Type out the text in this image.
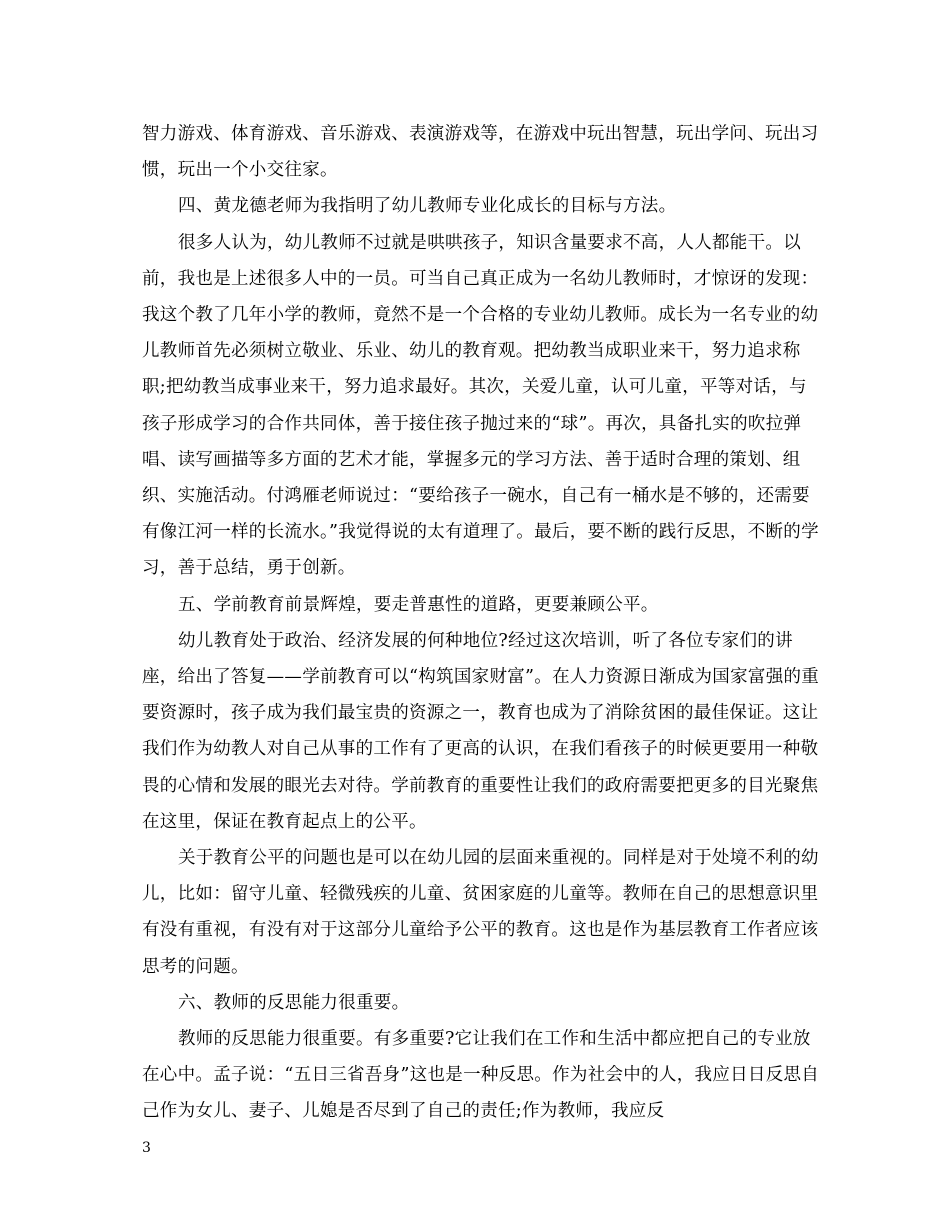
智力游戏、体育游戏、音乐游戏、表演游戏等，在游戏中玩出智慧，玩出学问、玩出习惯，玩出一个小交往家。

四、黄龙德老师为我指明了幼儿教师专业化成长的目标与方法。

很多人认为，幼儿教师不过就是哄哄孩子，知识含量要求不高，人人都能干。以前，我也是上述很多人中的一员。可当自己真正成为一名幼儿教师时，才惊讶的发现：我这个教了几年小学的教师，竟然不是一个合格的专业幼儿教师。成长为一名专业的幼儿教师首先必须树立敬业、乐业、幼儿的教育观。把幼教当成职业来干，努力追求称职;把幼教当成事业来干，努力追求最好。其次，关爱儿童，认可儿童，平等对话，与孩子形成学习的合作共同体，善于接住孩子抛过来的“球”。再次，具备扎实的吹拉弹唱、读写画描等多方面的艺术才能，掌握多元的学习方法、善于适时合理的策划、组织、实施活动。付鸿雁老师说过：“要给孩子一碗水，自己有一桶水是不够的，还需要有像江河一样的长流水。”我觉得说的太有道理了。最后，要不断的践行反思，不断的学习，善于总结，勇于创新。

五、学前教育前景辉煌，要走普惠性的道路，更要兼顾公平。

幼儿教育处于政治、经济发展的何种地位?经过这次培训，听了各位专家们的讲座，给出了答复——学前教育可以“构筑国家财富”。在人力资源日渐成为国家富强的重要资源时，孩子成为我们最宝贵的资源之一，教育也成为了消除贫困的最佳保证。这让我们作为幼教人对自己从事的工作有了更高的认识，在我们看孩子的时候更要用一种敬畏的心情和发展的眼光去对待。学前教育的重要性让我们的政府需要把更多的目光聚焦在这里，保证在教育起点上的公平。

关于教育公平的问题也是可以在幼儿园的层面来重视的。同样是对于处境不利的幼儿，比如：留守儿童、轻微残疾的儿童、贫困家庭的儿童等。教师在自己的思想意识里有没有重视，有没有对于这部分儿童给予公平的教育。这也是作为基层教育工作者应该思考的问题。

六、教师的反思能力很重要。

教师的反思能力很重要。有多重要?它让我们在工作和生活中都应把自己的专业放在心中。孟子说：“五日三省吾身”这也是一种反思。作为社会中的人，我应日日反思自己作为女儿、妻子、儿媳是否尽到了自己的责任;作为教师，我应反

3
